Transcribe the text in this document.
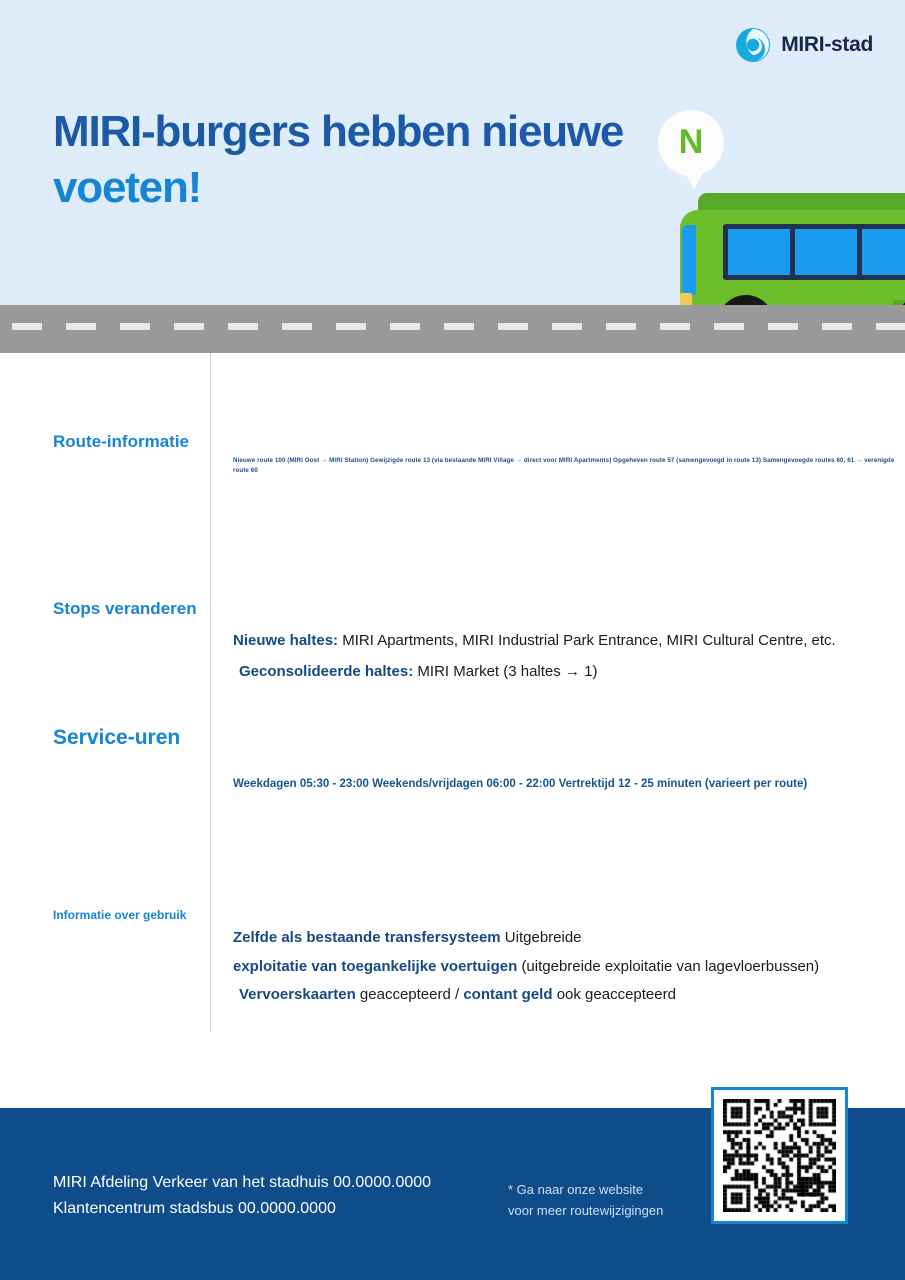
MIRI-stad
MIRI-burgers hebben nieuwe
voeten!
N
Route-informatie
Nieuwe route 100 (MIRI Oost → MIRI Station) Gewijzigde route 13 (via bestaande MIRI Village → direct voor MIRI Apartments) Opgeheven route 57 (samengevoegd in route 13) Samengevoegde routes 60, 61 → verenigde route 60
Stops veranderen
Nieuwe haltes: MIRI Apartments, MIRI Industrial Park Entrance, MIRI Cultural Centre, etc.
Geconsolideerde haltes: MIRI Market (3 haltes → 1)
Service-uren
Weekdagen 05:30 - 23:00 Weekends/vrijdagen 06:00 - 22:00 Vertrektijd 12 - 25 minuten (varieert per route)
Informatie over gebruik
Zelfde als bestaande transfersysteem Uitgebreide
exploitatie van toegankelijke voertuigen (uitgebreide exploitatie van lagevloerbussen)
Vervoerskaarten geaccepteerd / contant geld ook geaccepteerd
MIRI Afdeling Verkeer van het stadhuis 00.0000.0000
Klantencentrum stadsbus 00.0000.0000
* Ga naar onze website
voor meer routewijzigingen
